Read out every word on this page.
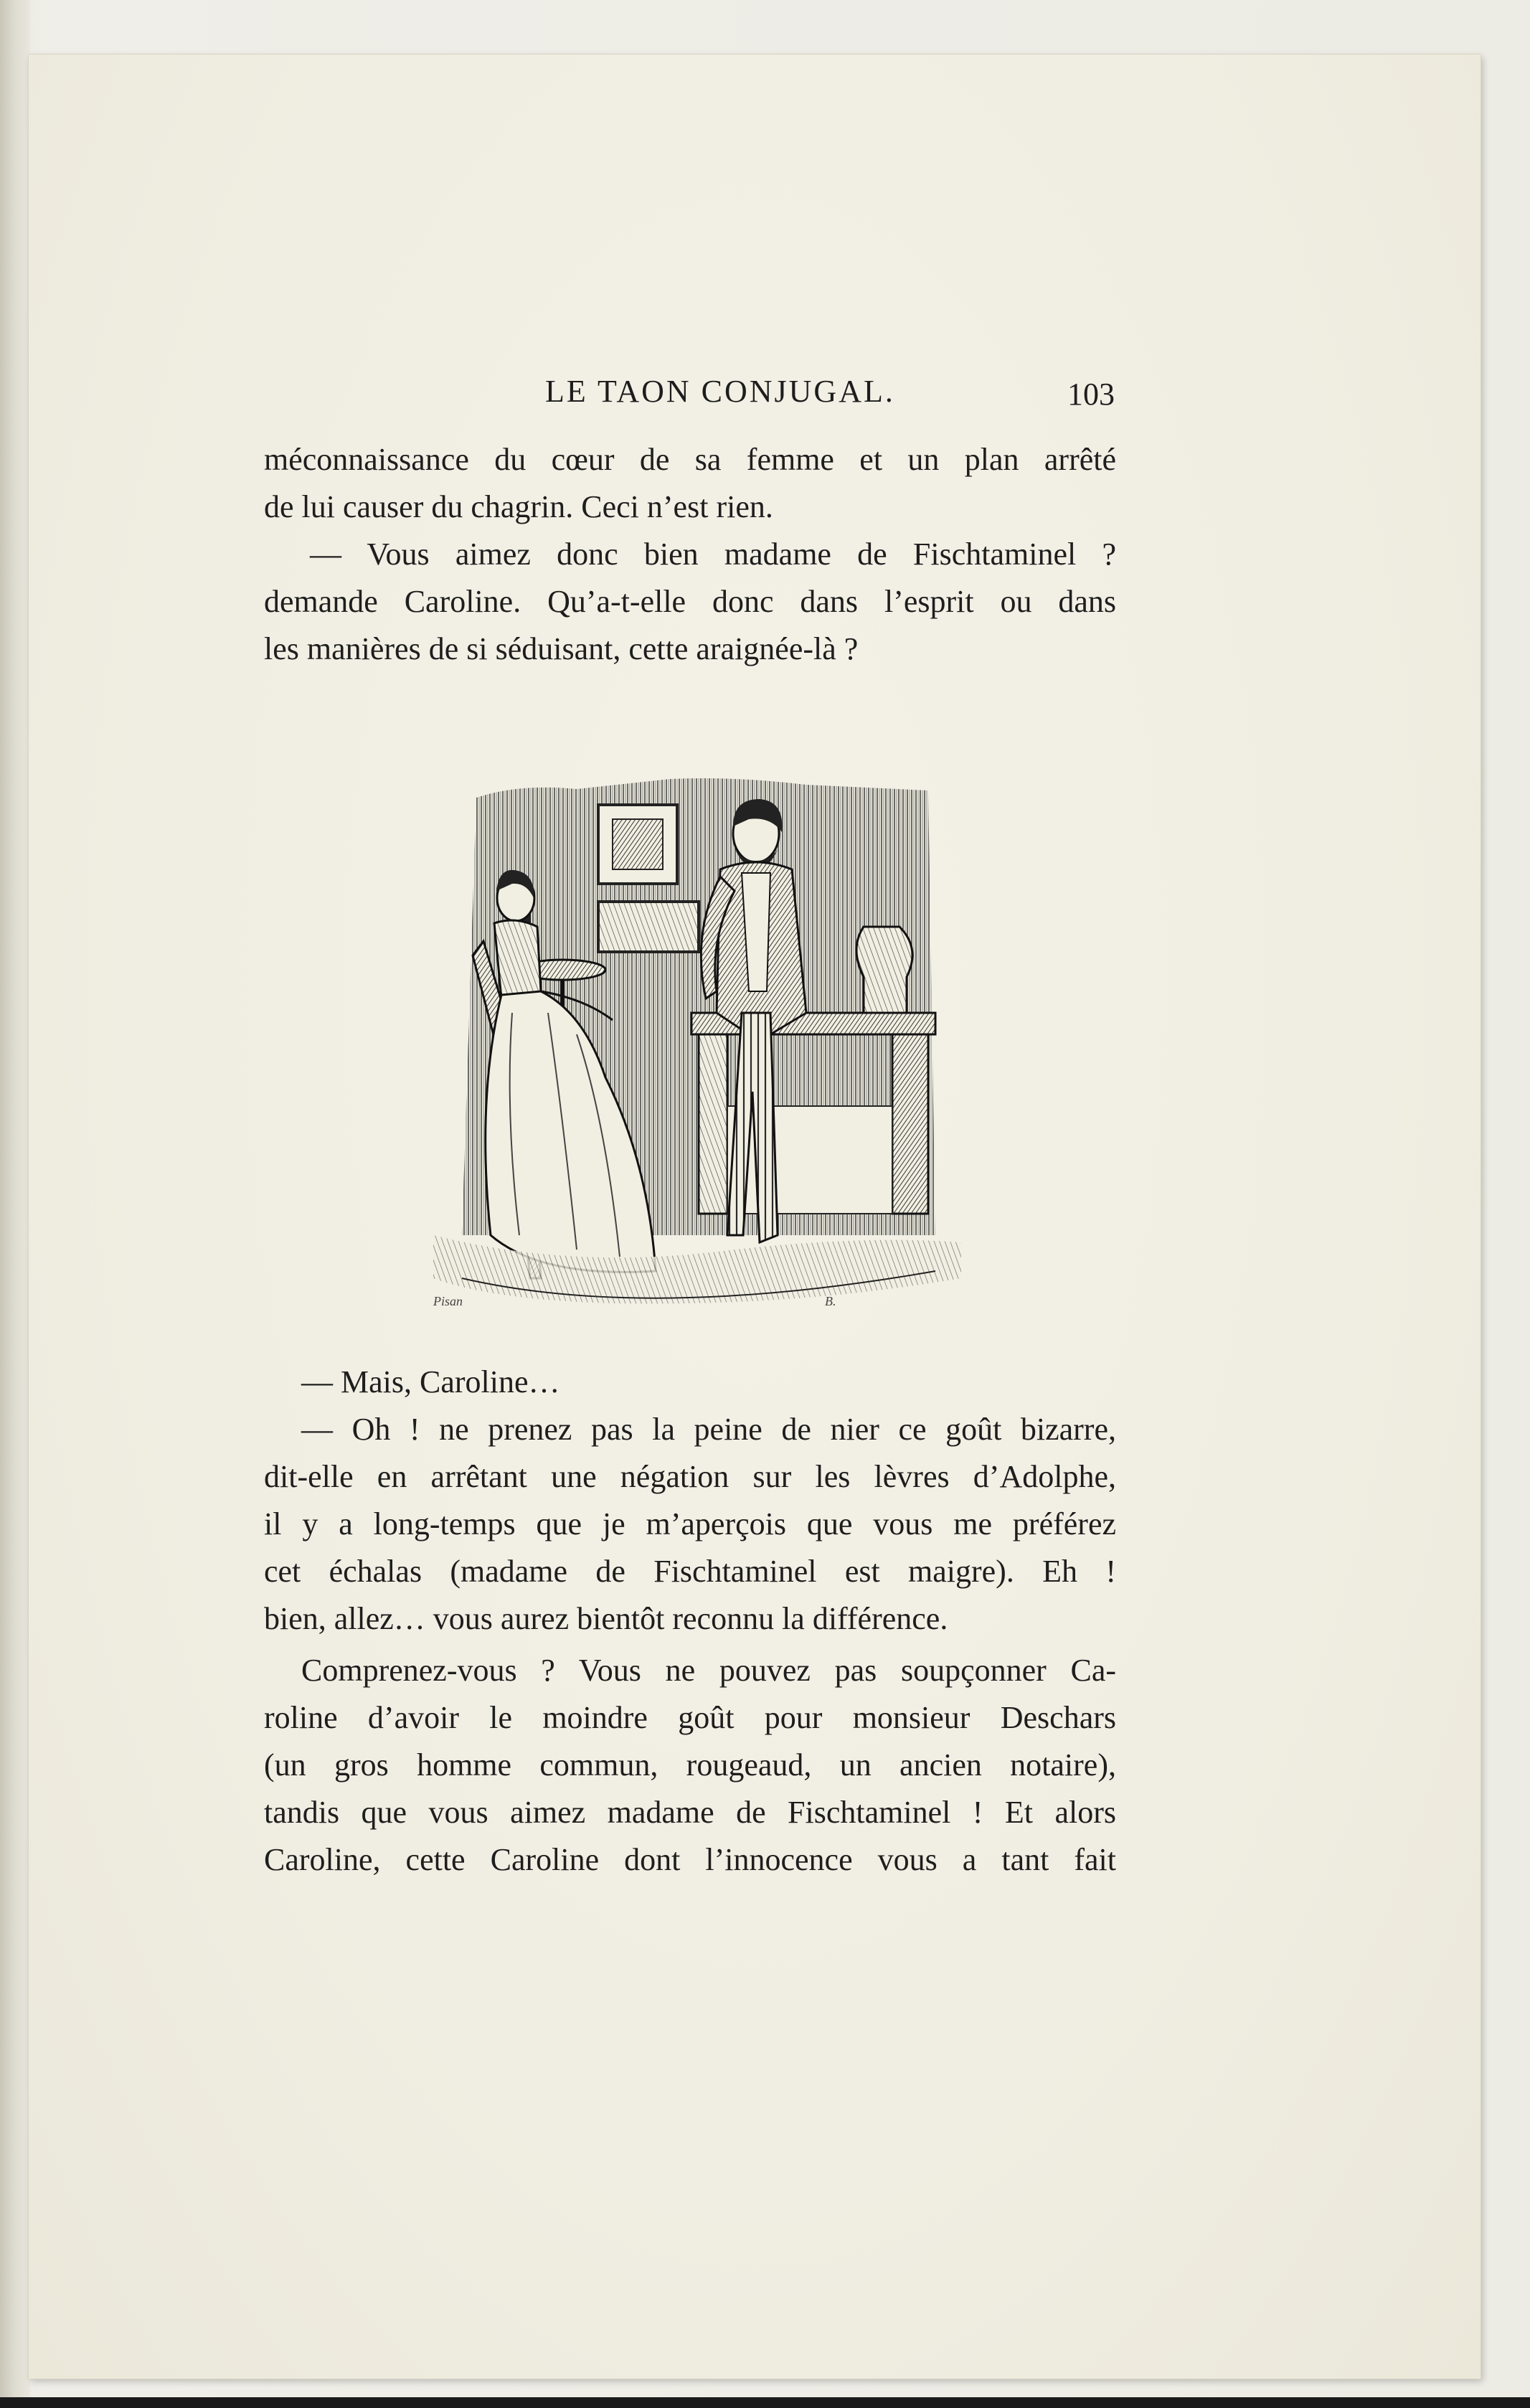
LE TAON CONJUGAL.	103
méconnaissance du cœur de sa femme et un plan arrêté
de lui causer du chagrin. Ceci n’est rien.
— Vous aimez donc bien madame de Fischtaminel ?
demande Caroline. Qu’a-t-elle donc dans l’esprit ou dans
les manières de si séduisant, cette araignée-là ?
Pisan	B.
— Mais, Caroline…
— Oh ! ne prenez pas la peine de nier ce goût bizarre,
dit-elle en arrêtant une négation sur les lèvres d’Adolphe,
il y a long-temps que je m’aperçois que vous me préférez
cet échalas (madame de Fischtaminel est maigre). Eh !
bien, allez… vous aurez bientôt reconnu la différence.
Comprenez-vous ? Vous ne pouvez pas soupçonner Ca-
roline d’avoir le moindre goût pour monsieur Deschars
(un gros homme commun, rougeaud, un ancien notaire),
tandis que vous aimez madame de Fischtaminel ! Et alors
Caroline, cette Caroline dont l’innocence vous a tant fait
